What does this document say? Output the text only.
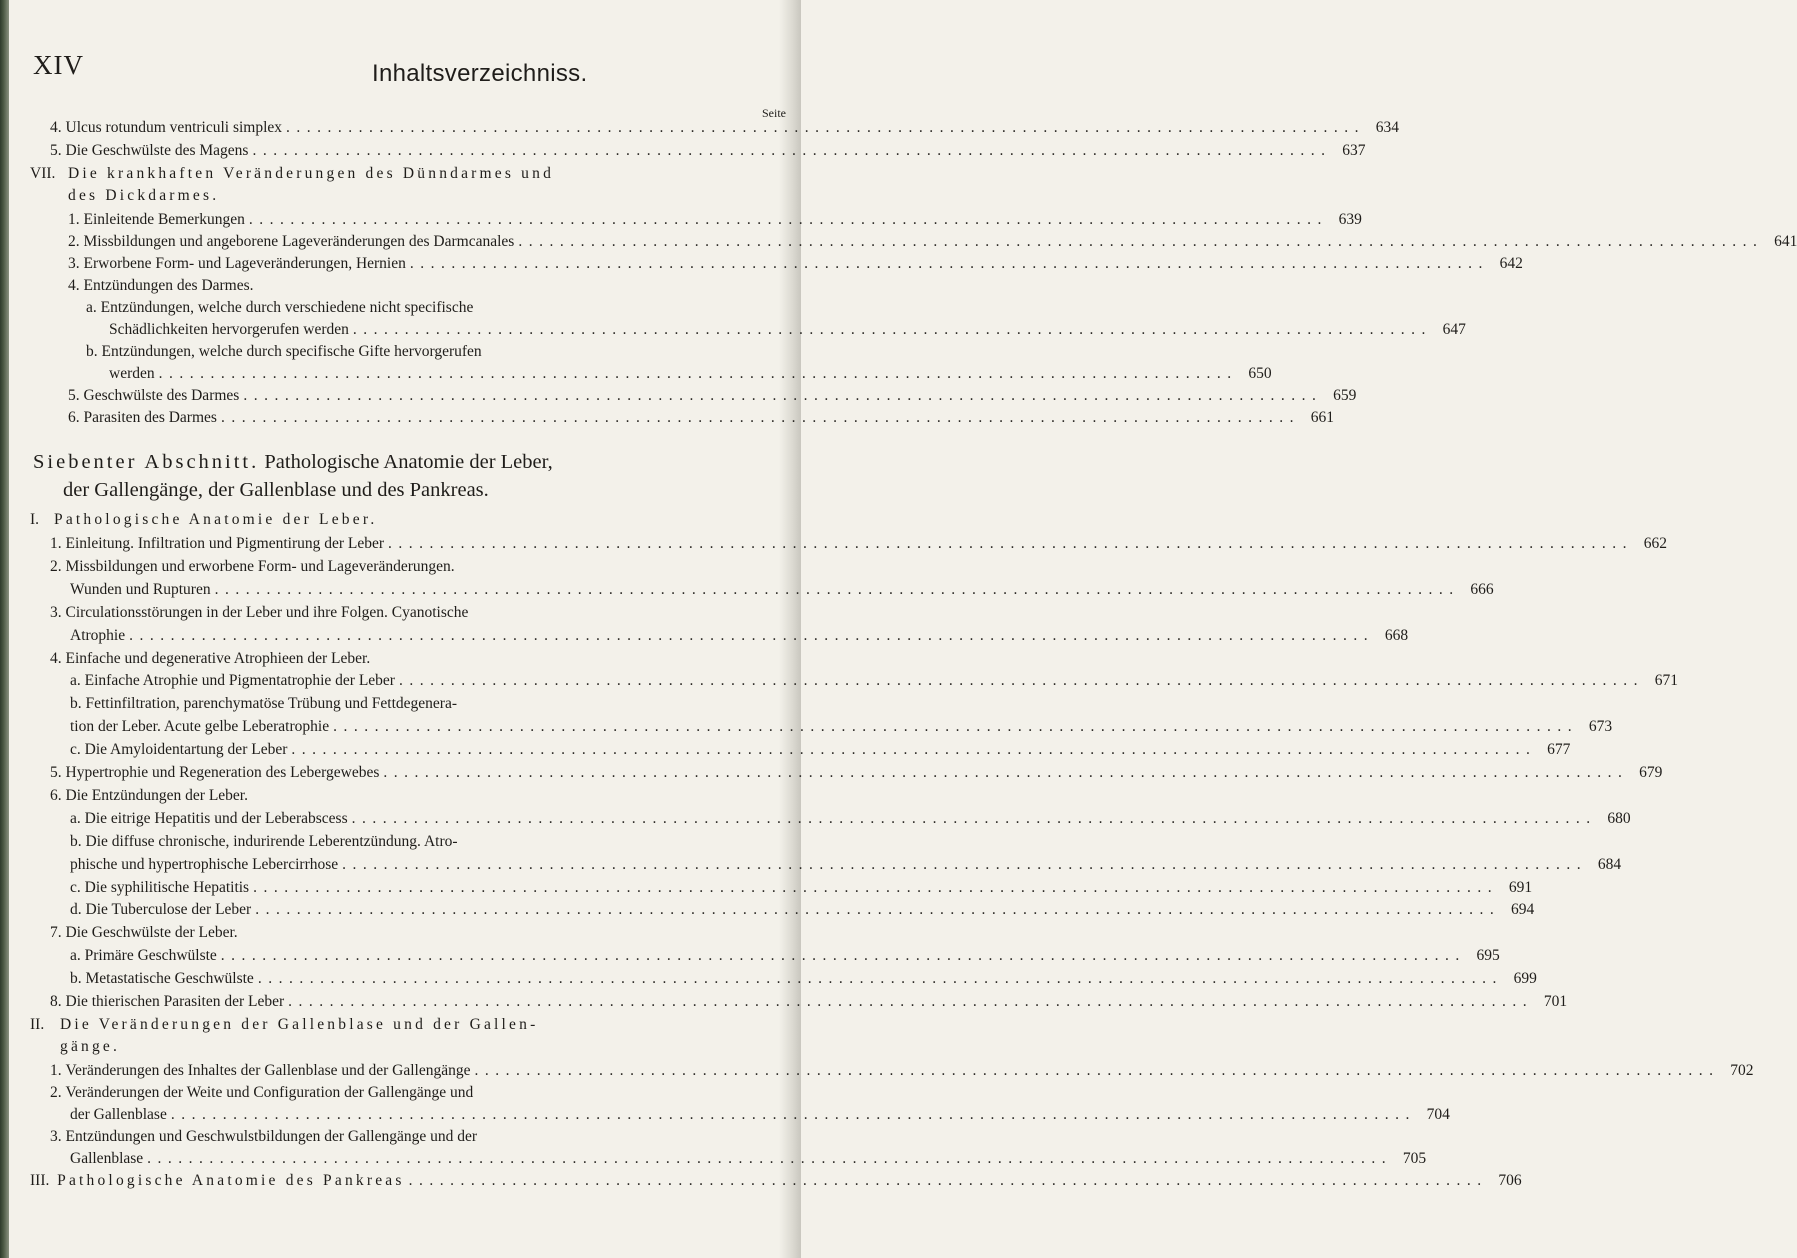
XIV	Inhaltsverzeichniss.
Seite
4.
Ulcus rotundum ventriculi simplex ........................................................................................................ 634
5.
Die Geschwülste des Magens ........................................................................................................ 637
VII. Die krankhaften Veränderungen des Dünndarmes und
des Dickdarmes.
1.
Einleitende Bemerkungen ........................................................................................................ 639
2.
Missbildungen und angeborene Lageveränderungen des Darmcanales ........................................................................................................................ 641
3.
Erworbene Form- und Lageveränderungen, Hernien ........................................................................................................ 642
4.
Entzündungen des Darmes.
a.
Entzündungen, welche durch verschiedene nicht specifische
Schädlichkeiten hervorgerufen werden ........................................................................................................ 647
b.
Entzündungen, welche durch specifische Gifte hervorgerufen
werden ........................................................................................................ 650
5.
Geschwülste des Darmes ........................................................................................................ 659
6.
Parasiten des Darmes ........................................................................................................ 661
Siebenter Abschnitt. Pathologische Anatomie der Leber,
der Gallengänge, der Gallenblase und des Pankreas.
I. Pathologische Anatomie der Leber.
1.
Einleitung. Infiltration und Pigmentirung der Leber ........................................................................................................................ 662
2.
Missbildungen und erworbene Form- und Lageveränderungen.
Wunden und Rupturen ........................................................................................................................ 666
3.
Circulationsstörungen in der Leber und ihre Folgen. Cyanotische
Atrophie ........................................................................................................................ 668
4.
Einfache und degenerative Atrophieen der Leber.
a.
Einfache Atrophie und Pigmentatrophie der Leber ........................................................................................................................ 671
b.
Fettinfiltration, parenchymatöse Trübung und Fettdegenera-
tion der Leber. Acute gelbe Leberatrophie ........................................................................................................................ 673
c.
Die Amyloidentartung der Leber ........................................................................................................................ 677
5.
Hypertrophie und Regeneration des Lebergewebes ........................................................................................................................ 679
6.
Die Entzündungen der Leber.
a.
Die eitrige Hepatitis und der Leberabscess ........................................................................................................................ 680
b.
Die diffuse chronische, indurirende Leberentzündung. Atro-
phische und hypertrophische Lebercirrhose ........................................................................................................................ 684
c.
Die syphilitische Hepatitis ........................................................................................................................ 691
d.
Die Tuberculose der Leber ........................................................................................................................ 694
7.
Die Geschwülste der Leber.
a.
Primäre Geschwülste ........................................................................................................................ 695
b.
Metastatische Geschwülste ........................................................................................................................ 699
8.
Die thierischen Parasiten der Leber ........................................................................................................................ 701
II. Die Veränderungen der Gallenblase und der Gallen-
gänge.
1.
Veränderungen des Inhaltes der Gallenblase und der Gallengänge ........................................................................................................................ 702
2.
Veränderungen der Weite und Configuration der Gallengänge und
der Gallenblase ........................................................................................................................ 704
3.
Entzündungen und Geschwulstbildungen der Gallengänge und der
Gallenblase ........................................................................................................................ 705
III.
Pathologische Anatomie des Pankreas ........................................................................................................ 706
